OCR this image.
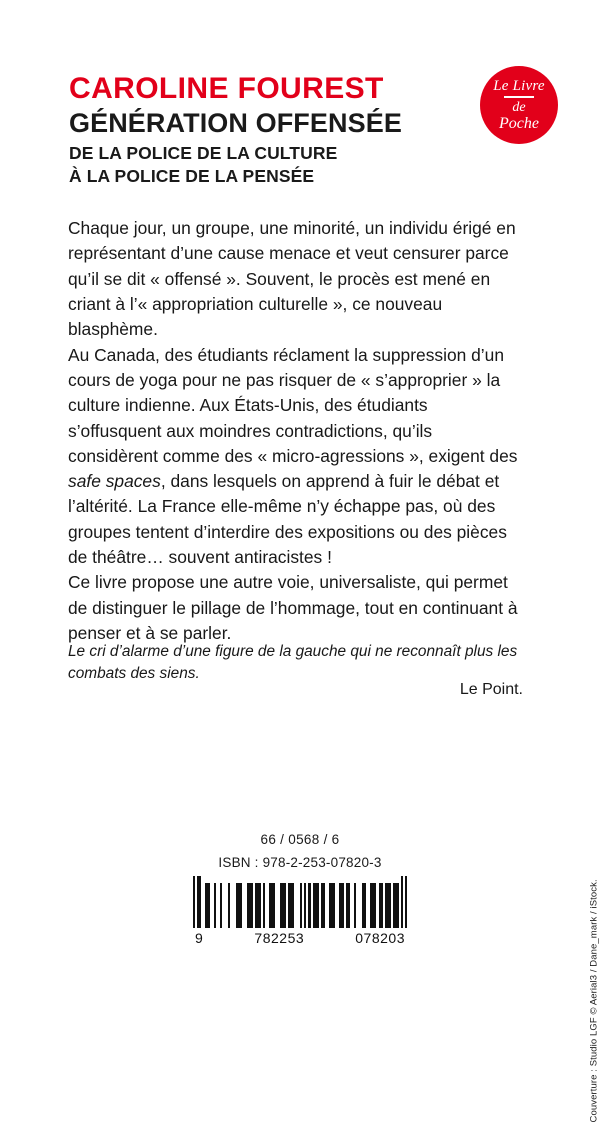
Le Livre
de
Poche
CAROLINE FOUREST
GÉNÉRATION OFFENSÉE
DE LA POLICE DE LA CULTURE
À LA POLICE DE LA PENSÉE

Chaque jour, un groupe, une minorité, un individu érigé en représentant d’une cause menace et veut censurer parce qu’il se dit « offensé ». Souvent, le procès est mené en criant à l’« appropriation culturelle », ce nouveau blasphème.

Au Canada, des étudiants réclament la suppression d’un cours de yoga pour ne pas risquer de « s’approprier » la culture indienne. Aux États-Unis, des étudiants s’offusquent aux moindres contradictions, qu’ils considèrent comme des « micro-agressions », exigent des safe spaces, dans lesquels on apprend à fuir le débat et l’altérité. La France elle-même n’y échappe pas, où des groupes tentent d’interdire des expositions ou des pièces de théâtre… souvent antiracistes !

Ce livre propose une autre voie, universaliste, qui permet de distinguer le pillage de l’hommage, tout en continuant à penser et à se parler.

Le cri d’alarme d’une figure de la gauche qui ne reconnaît plus les combats des siens.
Le Point.
Couverture : Studio LGF © Aerial3 / Dane_mark / iStock.
66 / 0568 / 6
ISBN : 978-2-253-07820-3
9	782253	078203
